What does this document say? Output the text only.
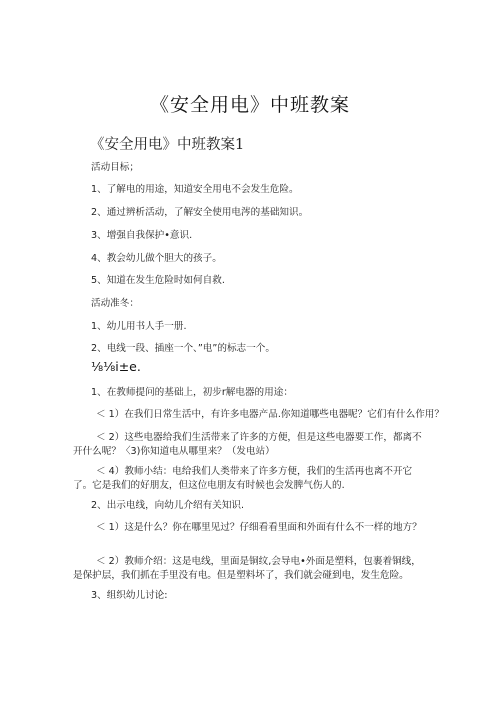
《安全用电》中班教案
《安全用电》中班教案1
活动目标；
1、了解电的用途，知道安全用电不会发生危险。
2、通过辨析活动，了解安全使用电涔的基础知识。
3、增强自我保护•意识.
4、教会幼儿做个胆大的孩子。
5、知道在发生危险时如何自救.
活动准冬：
1、幼儿用书人手一册.
2、电线一段、插座一个、”电”的标志一个。
⅛⅛i±e.
1、在教师提问的基础上，初步r解电器的用途：
＜ 1）在我们日常生活中，有许多电器产品.你知道哪些电器呢？它们有什么作用？
＜ 2）这些电器给我们生活带来了许多的方便，但是这些电器要工作，都离不开什么呢？〈3)你知道电从哪里来？（发电站）
＜ 4）教师小结：电给我们人类带来了许多方便，我们的生活再也离不开它了。它是我们的好朋友，但这位电朋友有时候也会发脾气伤人的.
2、出示电线，向幼儿介绍有关知识.
＜ 1）这是什么？你在哪里见过？仔细看看里面和外面有什么不一样的地方？
＜ 2）教师介绍：这是电线，里面是铜纹,会导电•外面是塑料，包裹着铜线，是保护层，我们抓在手里没有电。但是塑料坏了，我们就会碰到电，发生危险。
3、组织幼儿讨论:
